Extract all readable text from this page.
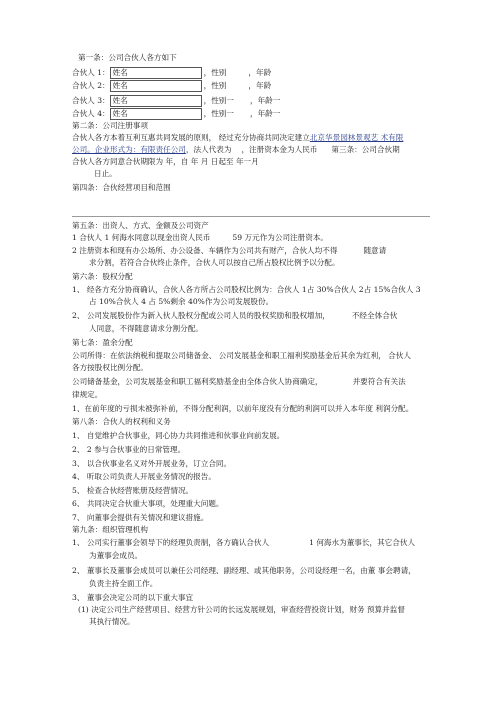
第一条：公司合伙人各方如下
合伙人 1： 姓名	，性别	，年龄
合伙人 2： 姓名	，性别	，年龄
合伙人 3： 姓名	，性别一 ，年龄一
合伙人 4： 姓名	，性别一 ，年龄一
第二条：公司注册事项
合伙人各方本着互利互惠共同发展的原则， 经过充分协商共同决定建立北京华景园林景观艺 术有限
公司。企业形式为：有限责任公司，法人代表为 ，注册资本金为人民币 第三条：公司合伙期
合伙人各方同意合伙期限为 年，自 年 月 日起至 年一月
日止。
第四条：合伙经营项目和范围
第五条：出资人、方式、金额及公司资产
1 合伙人 1 何海水同意以现金出资人民币	59 万元作为公司注册资本。
2 注册资本和现有办公场所、办公设备、车辆作为公司共有财产，合伙人均不得	随意请
求分割，若符合合伙终止条件，合伙人可以按自己所占股权比例予以分配。
第六条：股权分配
1、 经各方充分协商确认，合伙人各方所占公司股权比例为：合伙人 1占 30%合伙人 2占 15%合伙人 3
占 10%合伙人 4 占 5%剩余 40%作为公司发展股份。
2、 公司发展股份作为新入伙人股权分配或公司人员的股权奖励和股权增加，	不经全体合伙
人同意，不得随意请求分割分配。
第七条：盈余分配
公司所得：在依法纳税和提取公司储备金、 公司发展基金和职工福利奖励基金后其余为红利， 合伙人
各方按股权比例分配。
公司储备基金，公司发展基金和职工福利奖励基金由全体合伙人协商确定，	并要符合有关法
律规定。
1、在前年度的亏损未被弥补前，不得分配利润，以前年度没有分配的利润可以并入本年度 利润分配。
第八条：合伙人的权利和义务
1、 自觉维护合伙事业，同心协力共同推进和伙事业向前发展。
2、 2 参与合伙事业的日常管理。
3、 以合伙事业名义对外开展业务，订立合同。
4、 听取公司负责人开展业务情况的报告。
5、 检查合伙经营账册及经营情况。
6、 共同决定合伙重大事项，处理重大问题。
7、 向董事会提供有关情况和建议措施。
第九条：组织管理机构
1、 公司实行董事会领导下的经理负责制，各方确认合伙人	1 何海水为董事长，其它合伙人
为董事会成员。
2、 董事长及董事会成员可以兼任公司经理、副经理、或其他职务，公司设经理一名，由董 事会聘请，
负责主持全面工作。
3、 董事会决定公司的以下重大事宜
(1) 决定公司生产经营项目、经营方针公司的长远发展规划，审查经营投资计划，财务 预算并监督
其执行情况。
